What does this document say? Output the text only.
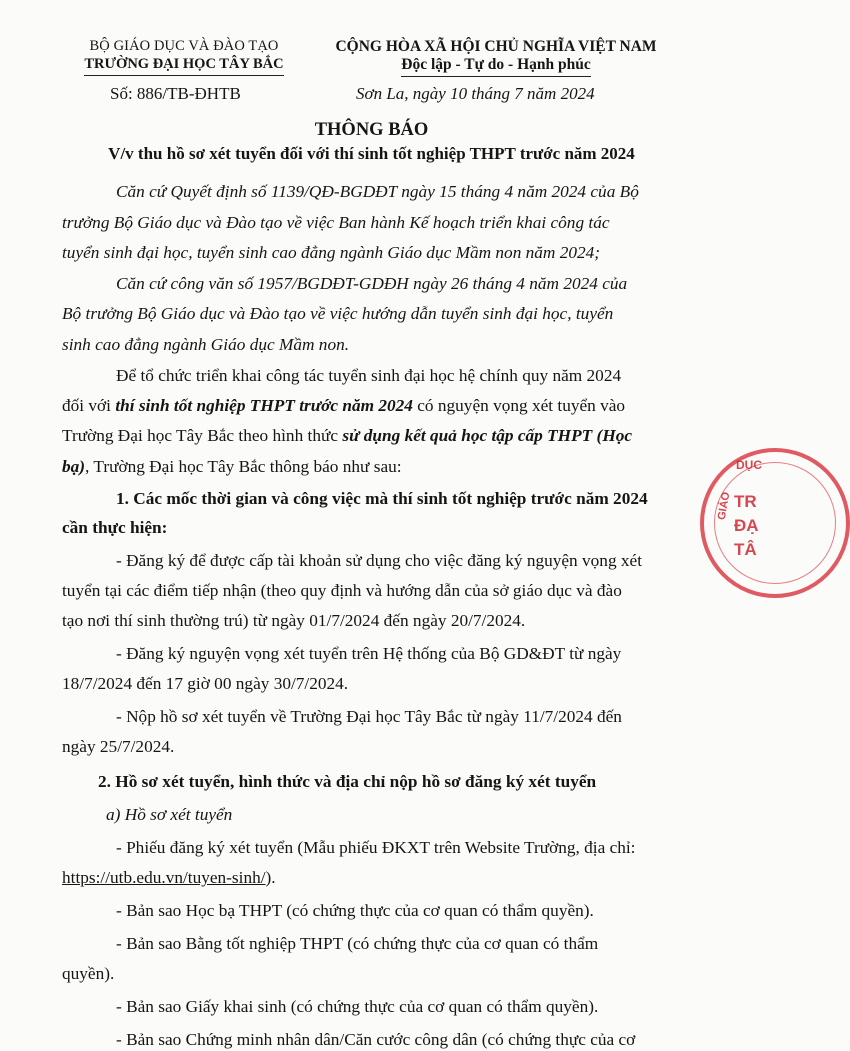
BỘ GIÁO DỤC VÀ ĐÀO TẠO
TRƯỜNG ĐẠI HỌC TÂY BẮC
CỘNG HÒA XÃ HỘI CHỦ NGHĨA VIỆT NAM
Độc lập - Tự do - Hạnh phúc
Số: 886/TB-ĐHTB	Sơn La, ngày 10 tháng 7 năm 2024
THÔNG BÁO
V/v thu hồ sơ xét tuyển đối với thí sinh tốt nghiệp THPT trước năm 2024
Căn cứ Quyết định số 1139/QĐ-BGDĐT ngày 15 tháng 4 năm 2024 của Bộ
trưởng Bộ Giáo dục và Đào tạo về việc Ban hành Kế hoạch triển khai công tác
tuyển sinh đại học, tuyển sinh cao đẳng ngành Giáo dục Mầm non năm 2024;
Căn cứ công văn số 1957/BGDĐT-GDĐH ngày 26 tháng 4 năm 2024 của
Bộ trưởng Bộ Giáo dục và Đào tạo về việc hướng dẫn tuyển sinh đại học, tuyển
sinh cao đẳng ngành Giáo dục Mầm non.
Để tổ chức triển khai công tác tuyển sinh đại học hệ chính quy năm 2024
đối với thí sinh tốt nghiệp THPT trước năm 2024 có nguyện vọng xét tuyển vào
Trường Đại học Tây Bắc theo hình thức sử dụng kết quả học tập cấp THPT (Học
bạ), Trường Đại học Tây Bắc thông báo như sau:
1. Các mốc thời gian và công việc mà thí sinh tốt nghiệp trước năm 2024
cần thực hiện:
- Đăng ký để được cấp tài khoản sử dụng cho việc đăng ký nguyện vọng xét
tuyển tại các điểm tiếp nhận (theo quy định và hướng dẫn của sở giáo dục và đào
tạo nơi thí sinh thường trú) từ ngày 01/7/2024 đến ngày 20/7/2024.
- Đăng ký nguyện vọng xét tuyển trên Hệ thống của Bộ GD&ĐT từ ngày
18/7/2024 đến 17 giờ 00 ngày 30/7/2024.
- Nộp hồ sơ xét tuyển về Trường Đại học Tây Bắc từ ngày 11/7/2024 đến
ngày 25/7/2024.
2. Hồ sơ xét tuyển, hình thức và địa chỉ nộp hồ sơ đăng ký xét tuyển
a) Hồ sơ xét tuyển
- Phiếu đăng ký xét tuyển (Mẫu phiếu ĐKXT trên Website Trường, địa chỉ:
https://utb.edu.vn/tuyen-sinh/).
- Bản sao Học bạ THPT (có chứng thực của cơ quan có thẩm quyền).
- Bản sao Bằng tốt nghiệp THPT (có chứng thực của cơ quan có thẩm
quyền).
- Bản sao Giấy khai sinh (có chứng thực của cơ quan có thẩm quyền).
- Bản sao Chứng minh nhân dân/Căn cước công dân (có chứng thực của cơ
DỤC
GIÁO TR
ĐẠ
TÂ
